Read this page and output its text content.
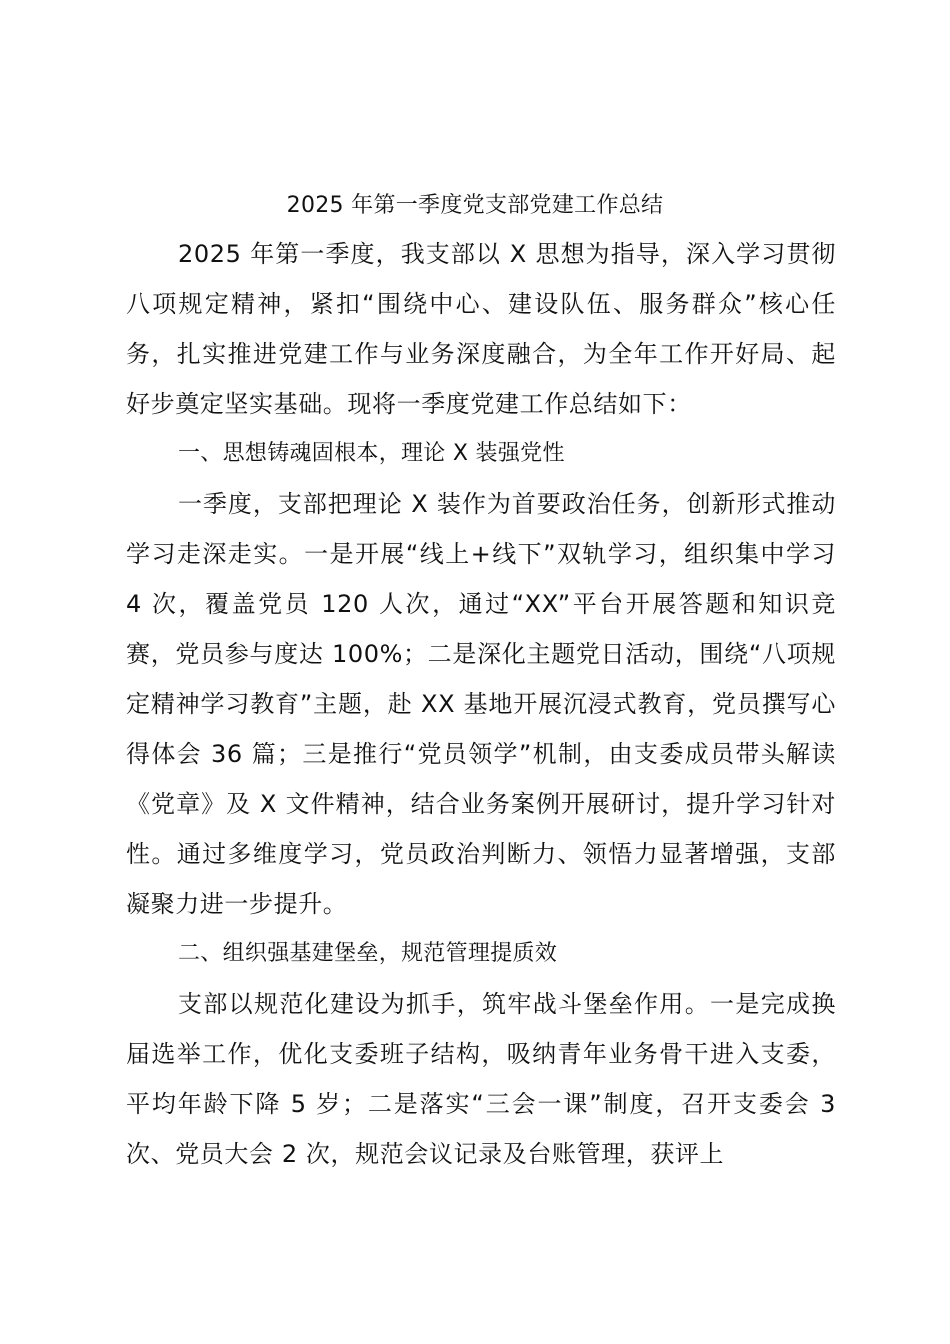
2025 年第一季度党支部党建工作总结

2025 年第一季度，我支部以 X 思想为指导，深入学习贯彻八项规定精神，紧扣“围绕中心、建设队伍、服务群众”核心任务，扎实推进党建工作与业务深度融合，为全年工作开好局、起好步奠定坚实基础。现将一季度党建工作总结如下：

一、思想铸魂固根本，理论 X 装强党性

一季度，支部把理论 X 装作为首要政治任务，创新形式推动学习走深走实。一是开展“线上+线下”双轨学习，组织集中学习 4 次，覆盖党员 120 人次，通过“XX”平台开展答题和知识竞赛，党员参与度达 100%；二是深化主题党日活动，围绕“八项规定精神学习教育”主题，赴 XX 基地开展沉浸式教育，党员撰写心得体会 36 篇；三是推行“党员领学”机制，由支委成员带头解读《党章》及 X 文件精神，结合业务案例开展研讨，提升学习针对性。通过多维度学习，党员政治判断力、领悟力显著增强，支部凝聚力进一步提升。

二、组织强基建堡垒，规范管理提质效

支部以规范化建设为抓手，筑牢战斗堡垒作用。一是完成换届选举工作，优化支委班子结构，吸纳青年业务骨干进入支委，平均年龄下降 5 岁；二是落实“三会一课”制度，召开支委会 3 次、党员大会 2 次，规范会议记录及台账管理，获评上
